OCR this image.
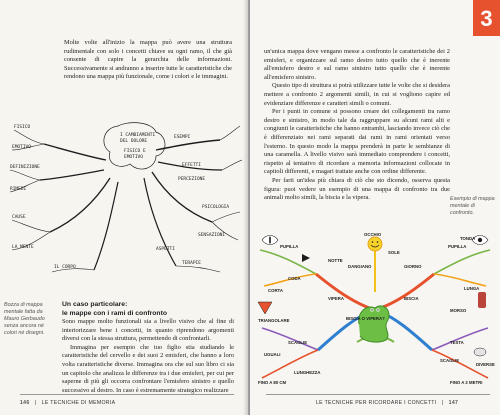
Molte volte all'inizio la mappa può avere una struttura rudimentale con solo i concetti chiave su ogni ramo, il che già consente di capire la gerarchia delle informazioni. Successivamente si andranno a inserire tutte le caratteristiche che rendono una mappa più funzionale, come i colori e le immagini.

I CAMBIAMENTI
DEL DOLORE
FISICO E
EMOTIVO
FISICO
EMOTIVO
DEFINIZIONE
RIMEDI
CAUSE
LA MENTE
IL CORPO
ESEMPI
EFFETTI
PERCEZIONE
PSICOLOGIA
SENSAZIONI
ASPETTI
TERAPIE
Bozza di mappa mentale fatta da Mauro Gerbaudo senza ancora né colori né disegni.
Un caso particolare:
le mappe con i rami di confronto

Sono mappe molto funzionali sia a livello visivo che al fine di interiorizzare bene i concetti, in quanto riprendono argomenti diversi con la stessa struttura, permettendo di confrontarli.

Immagina per esempio che tuo figlio stia studiando le caratteristiche del cervello e dei suoi 2 emisferi, che hanno a loro volta caratteristiche diverse. Immagina ora che sul suo libro ci sia un capitolo che analizza le differenze tra i due emisferi, per cui per saperne di più gli occorra confrontare l'emisfero sinistro e quello successivo al destro. In caso è estremamente strategico realizzare

146   |   LE TECNICHE DI MEMORIA
3

un'unica mappa dove vengano messe a confronto le caratteristiche dei 2 emisferi, e organizzare sul ramo destro tutto quello che è inerente all'emisfero destro e sul ramo sinistro tutto quello che è inerente all'emisfero sinistro.

Questo tipo di struttura si potrà utilizzare tutte le volte che si desidera mettere a confronto 2 argomenti simili, in cui si vogliono capire ed evidenziare differenze e caratteri simili o comuni.

Per i punti in comune si possono creare dei collegamenti tra ramo destro e sinistro, in modo tale da raggruppare su alcuni rami alti e congiunti le caratteristiche che hanno entrambi, lasciando invece ciò che è differenziato nei rami separati dai rami in rami orientati verso l'esterno. In questo modo la mappa prenderà in parte le sembianze di una caramella. A livello visivo sarà immediato comprendere i concetti, rispetto al tentativo di ricordare a memoria informazioni collocate in capitoli differenti, e magari trattate anche con ordine differente.

Per farti un'idea più chiara di ciò che sto dicendo, osserva questa figura: puoi vedere un esempio di una mappa di confronto tra due animali molto simili, la biscia e la vipera.	Esempio di mappa mentale di confronto.
BISCIA O VIPERA?
VIPERA	BISCIA
PUPILLA	PUPILLA
OCCHIO
TONDA
SOLE
DANGIANO	GIORNO
NOTTE
CODA
CORTA	LUNGA
TESTA
TRIANGOLARE
MORSO
SCAGLIE
SCAGLIE
FINO A 80 CM	FINO A 2 METRI
LUNGHEZZA
UGUALI
DIVERSE
LE TECNICHE PER RICORDARE I CONCETTI   |   147
